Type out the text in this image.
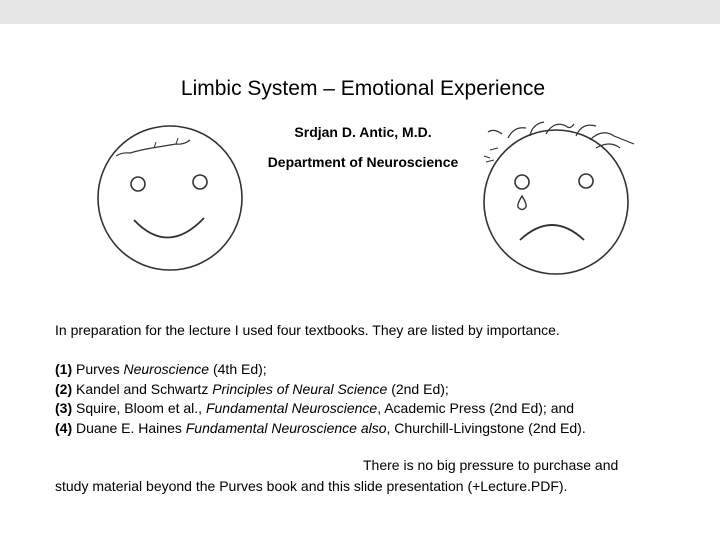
Limbic System – Emotional Experience
Srdjan D. Antic, M.D.
Department of Neuroscience
In preparation for the lecture I used four textbooks. They are listed by importance.
(1) Purves Neuroscience (4th Ed);
(2) Kandel and Schwartz Principles of Neural Science (2nd Ed);
(3) Squire, Bloom et al., Fundamental Neuroscience, Academic Press (2nd Ed); and
(4) Duane E. Haines Fundamental Neuroscience also, Churchill-Livingstone (2nd Ed).
There is no big pressure to purchase and
study material beyond the Purves book and this slide presentation (+Lecture.PDF).
